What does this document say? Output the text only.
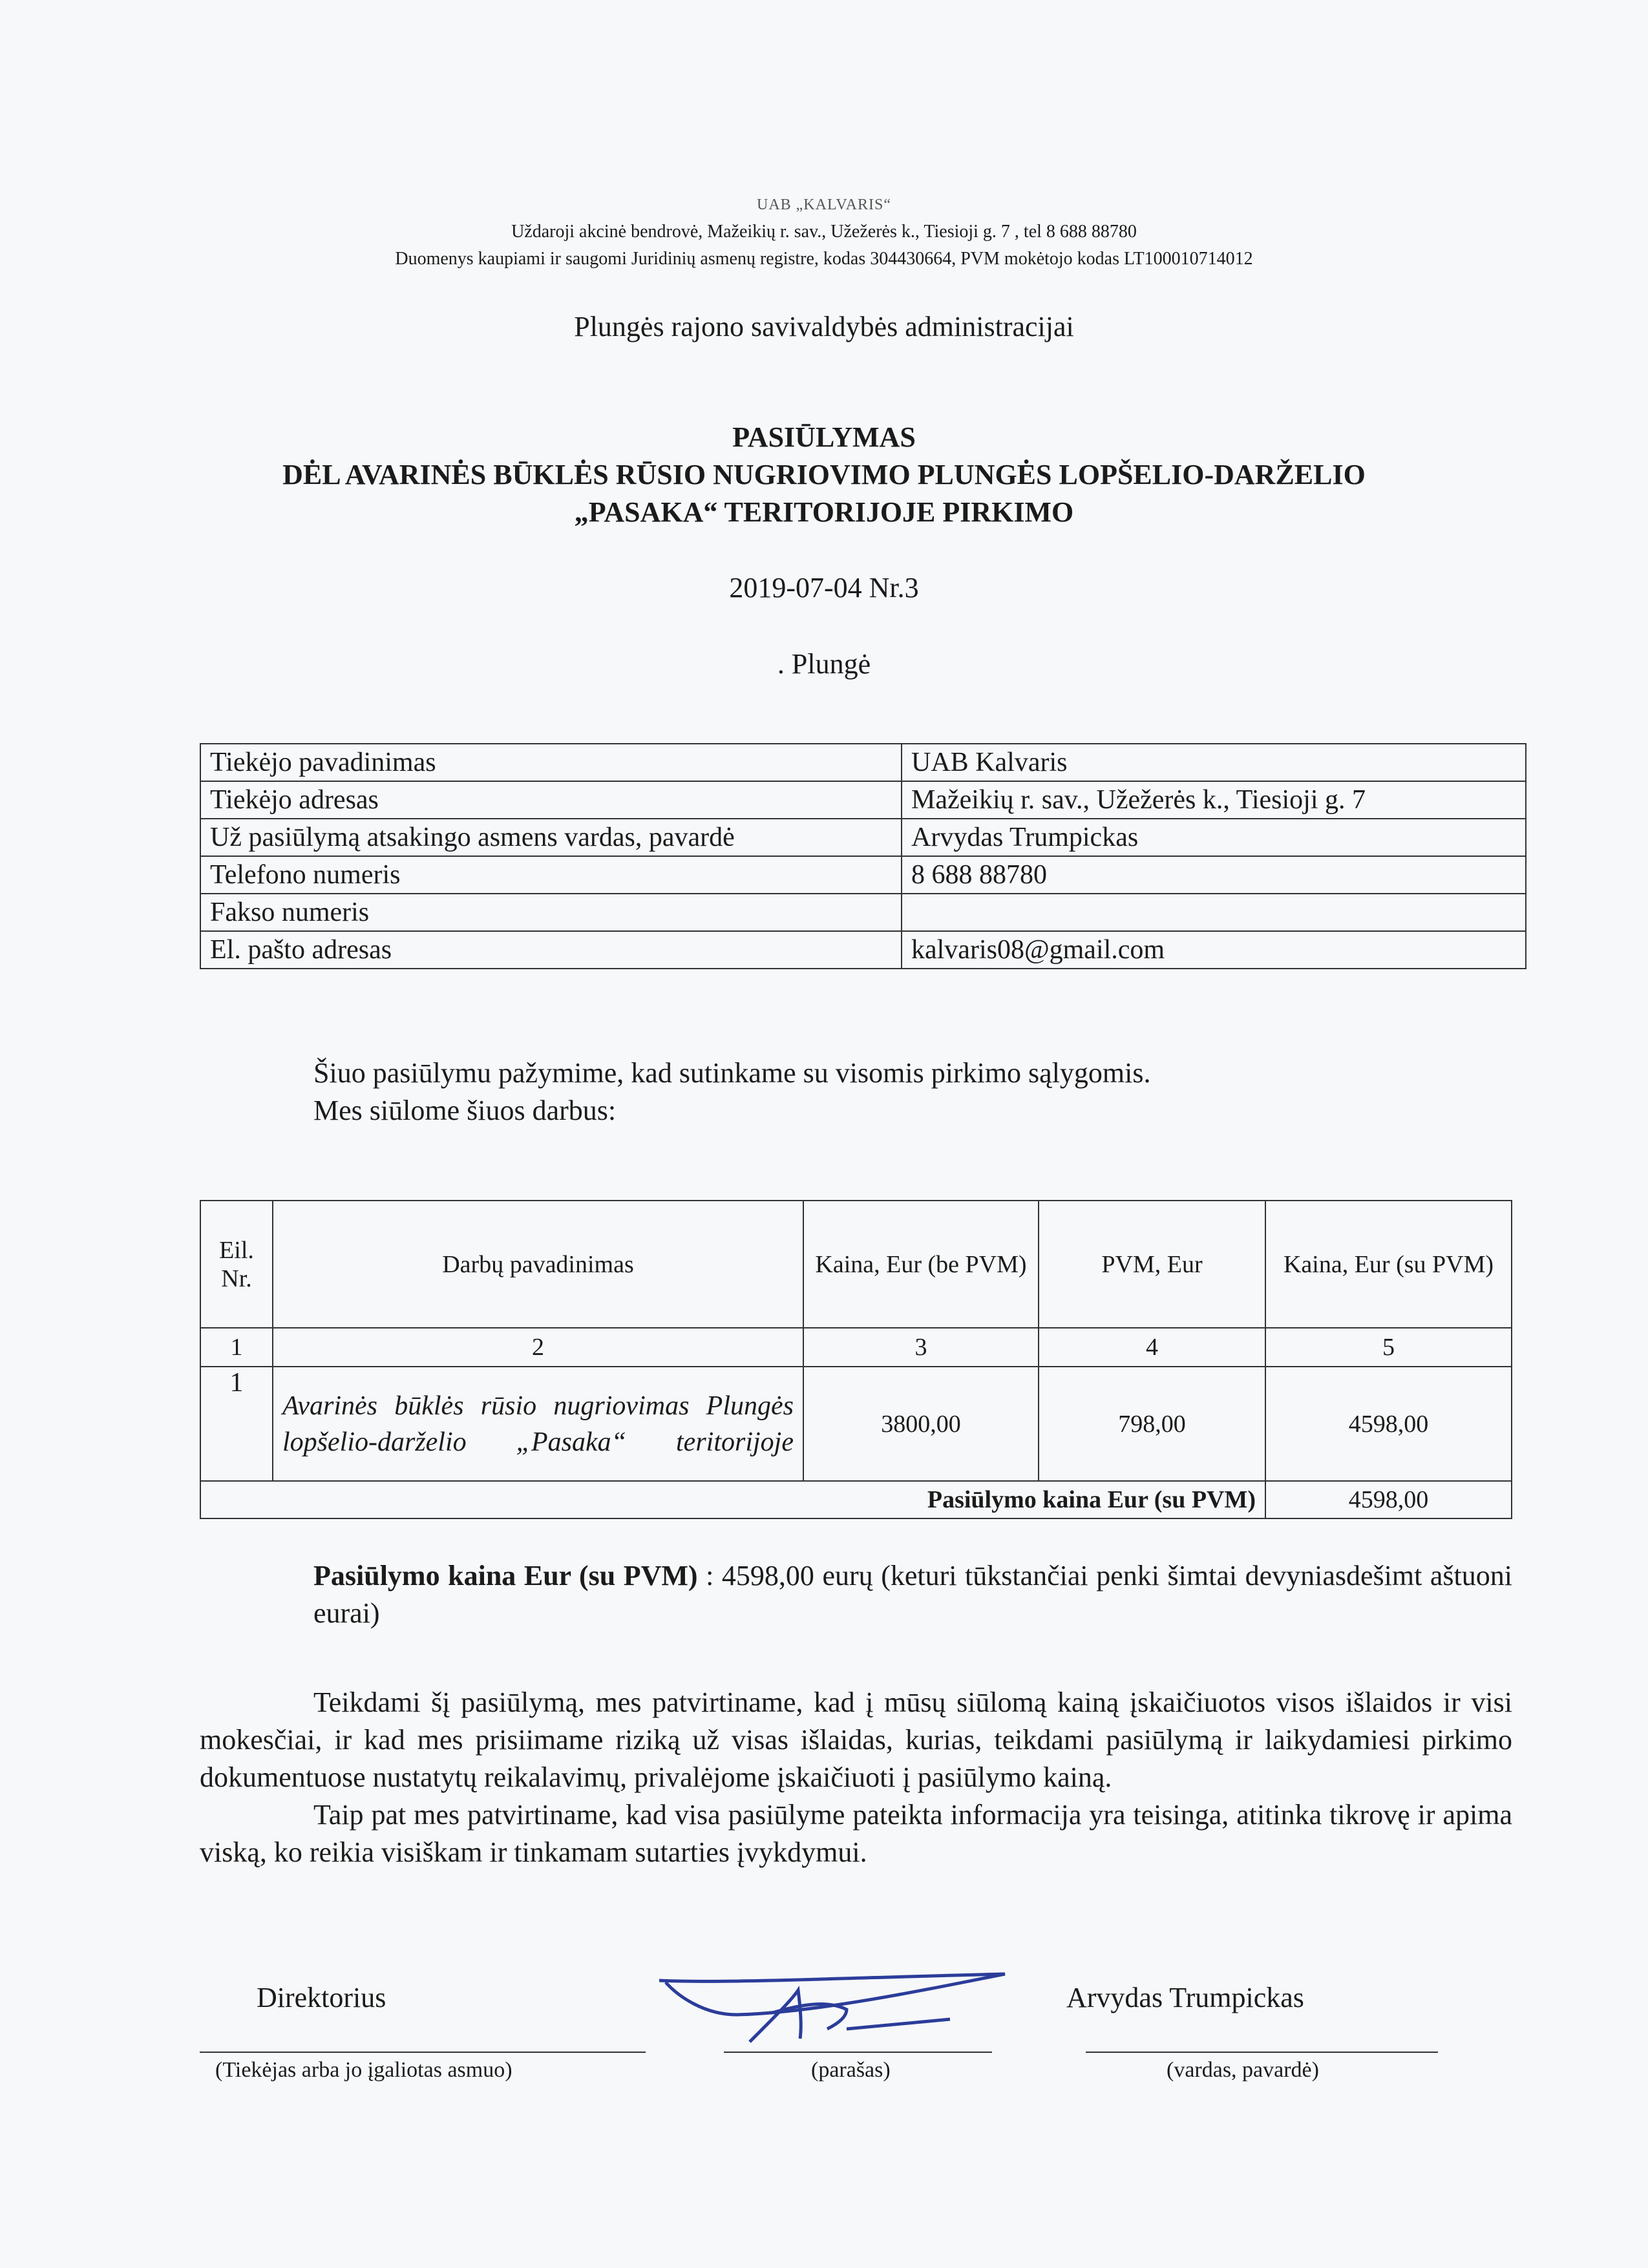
UAB „KALVARIS“
Uždaroji akcinė bendrovė, Mažeikių r. sav., Užežerės k., Tiesioji g. 7 , tel 8 688 88780
Duomenys kaupiami ir saugomi Juridinių asmenų registre, kodas 304430664, PVM mokėtojo kodas LT100010714012
Plungės rajono savivaldybės administracijai
PASIŪLYMAS
DĖL AVARINĖS BŪKLĖS RŪSIO NUGRIOVIMO PLUNGĖS LOPŠELIO-DARŽELIO
„PASAKA“ TERITORIJOJE PIRKIMO
2019-07-04 Nr.3
. Plungė
Tiekėjo pavadinimas	UAB Kalvaris
Tiekėjo adresas	Mažeikių r. sav., Užežerės k., Tiesioji g. 7
Už pasiūlymą atsakingo asmens vardas, pavardė	Arvydas Trumpickas
Telefono numeris	8 688 88780
Fakso numeris	
El. pašto adresas	kalvaris08@gmail.com
Šiuo pasiūlymu pažymime, kad sutinkame su visomis pirkimo sąlygomis.
Mes siūlome šiuos darbus:
Eil. Nr.	Darbų pavadinimas	Kaina, Eur (be PVM)	PVM, Eur	Kaina, Eur (su PVM)
1	2	3	4	5
1	Avarinės būklės rūsio nugriovimas Plungės lopšelio-darželio „Pasaka“ teritorijoje	3800,00	798,00	4598,00
Pasiūlymo kaina Eur (su PVM)				4598,00
Pasiūlymo kaina Eur (su PVM) : 4598,00 eurų (keturi tūkstančiai penki šimtai devyniasdešimt aštuoni eurai)
Teikdami šį pasiūlymą, mes patvirtiname, kad į mūsų siūlomą kainą įskaičiuotos visos išlaidos ir visi mokesčiai, ir kad mes prisiimame riziką už visas išlaidas, kurias, teikdami pasiūlymą ir laikydamiesi pirkimo dokumentuose nustatytų reikalavimų, privalėjome įskaičiuoti į pasiūlymo kainą.
Taip pat mes patvirtiname, kad visa pasiūlyme pateikta informacija yra teisinga, atitinka tikrovę ir apima viską, ko reikia visiškam ir tinkamam sutarties įvykdymui.
Direktorius	Arvydas Trumpickas
(Tiekėjas arba jo įgaliotas asmuo)	(parašas)	(vardas, pavardė)
